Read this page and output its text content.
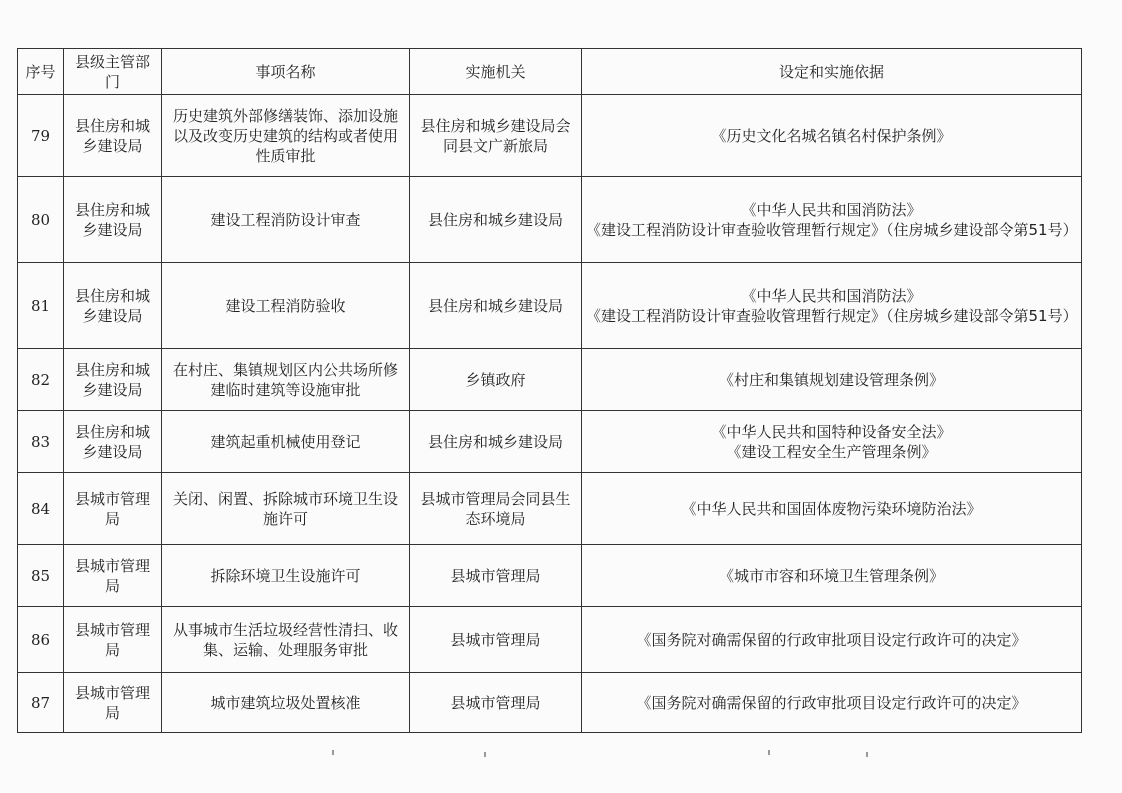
序号	县级主管部门	事项名称	实施机关	设定和实施依据
79	县住房和城乡建设局	历史建筑外部修缮装饰、添加设施以及改变历史建筑的结构或者使用性质审批	县住房和城乡建设局会同县文广新旅局	《历史文化名城名镇名村保护条例》

80	县住房和城乡建设局	建设工程消防设计审查	县住房和城乡建设局	《中华人民共和国消防法》
《建设工程消防设计审查验收管理暂行规定》（住房城乡建设部令第51号）

81	县住房和城乡建设局	建设工程消防验收	县住房和城乡建设局	《中华人民共和国消防法》
《建设工程消防设计审查验收管理暂行规定》（住房城乡建设部令第51号）

82	县住房和城乡建设局	在村庄、集镇规划区内公共场所修建临时建筑等设施审批	乡镇政府	《村庄和集镇规划建设管理条例》

83	县住房和城乡建设局	建筑起重机械使用登记	县住房和城乡建设局	《中华人民共和国特种设备安全法》
《建设工程安全生产管理条例》

84	县城市管理局	关闭、闲置、拆除城市环境卫生设施许可	县城市管理局会同县生态环境局	《中华人民共和国固体废物污染环境防治法》

85	县城市管理局	拆除环境卫生设施许可	县城市管理局	《城市市容和环境卫生管理条例》

86	县城市管理局	从事城市生活垃圾经营性清扫、收集、运输、处理服务审批	县城市管理局	《国务院对确需保留的行政审批项目设定行政许可的决定》

87	县城市管理局	城市建筑垃圾处置核准	县城市管理局	《国务院对确需保留的行政审批项目设定行政许可的决定》
